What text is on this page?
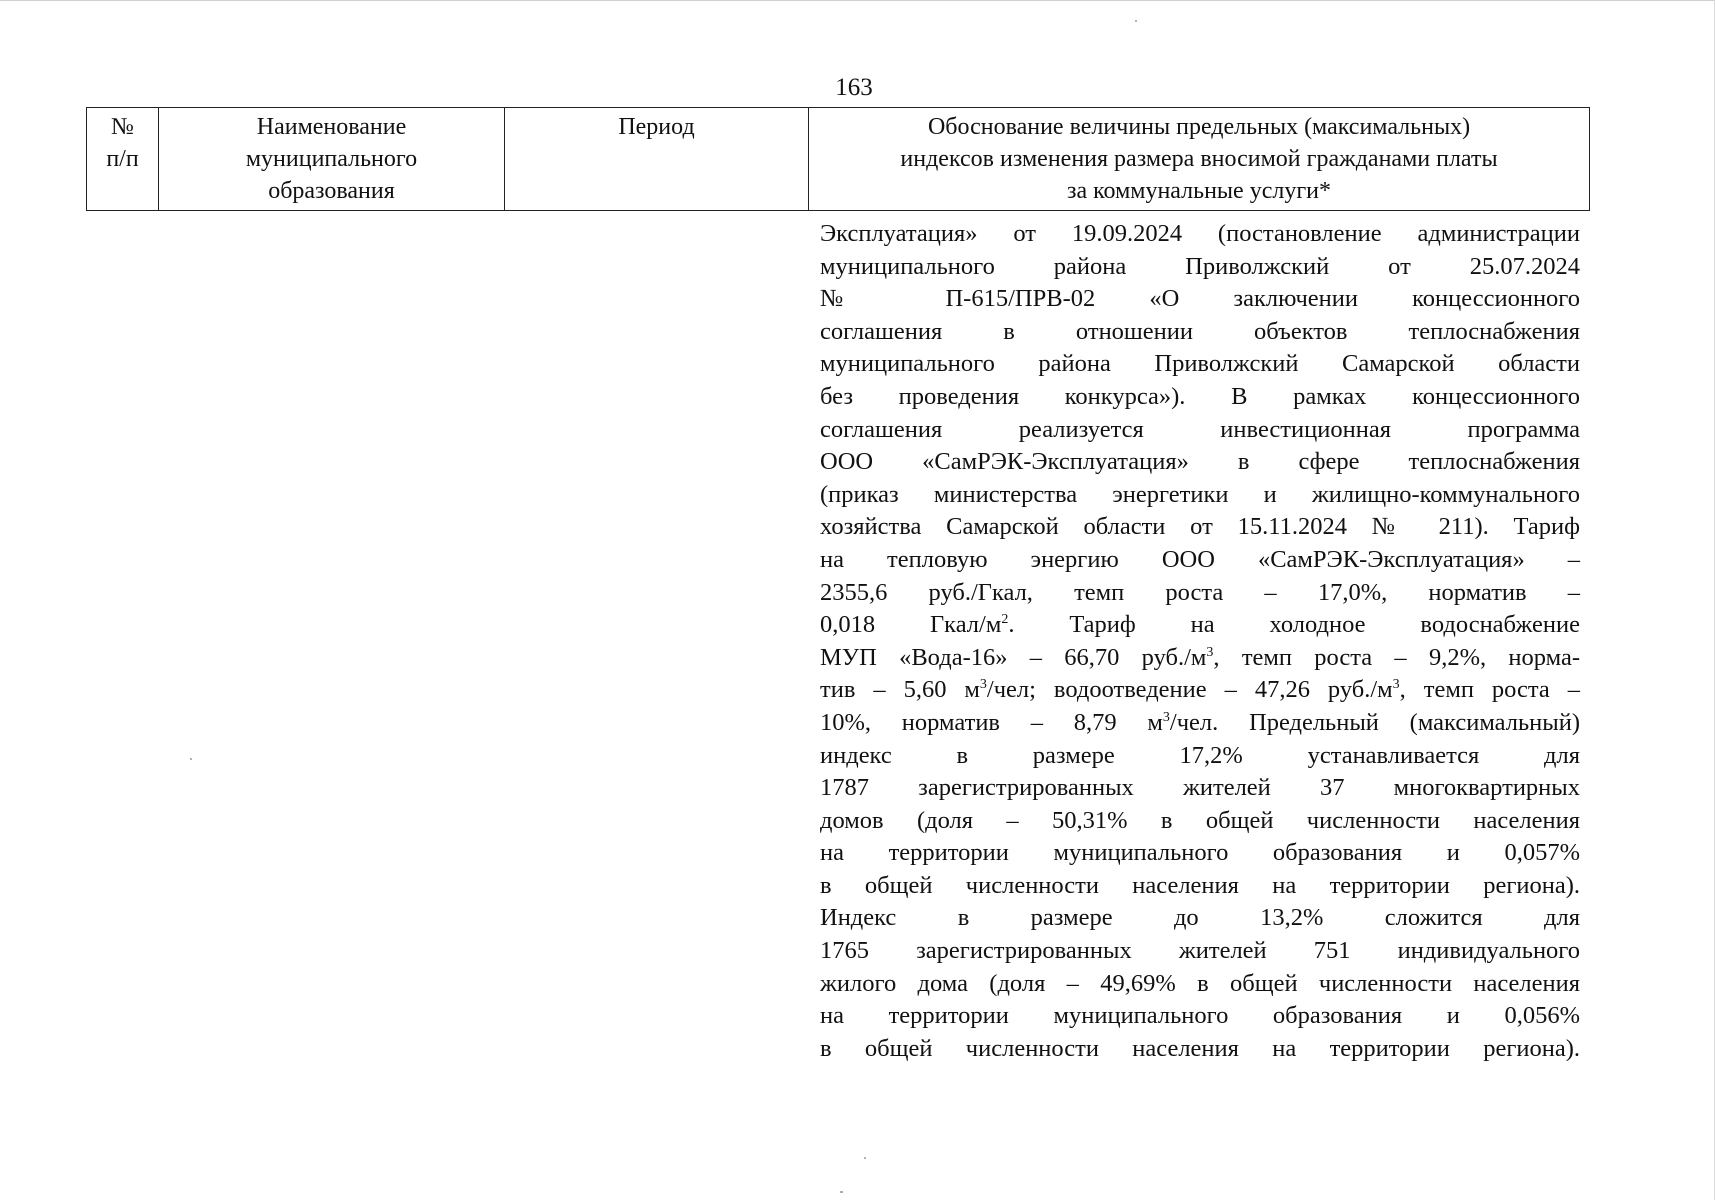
163
№
п/п
Наименование
муниципального
образования
Период	Обоснование величины предельных (максимальных)
индексов изменения размера вносимой гражданами платы
за коммунальные услуги*
Эксплуатация» от 19.09.2024 (постановление администрации
муниципального района Приволжский от 25.07.2024
№ П-615/ПРВ-02 «О заключении концессионного
соглашения в отношении объектов теплоснабжения
муниципального района Приволжский Самарской области
без проведения конкурса»). В рамках концессионного
соглашения реализуется инвестиционная программа
ООО «СамРЭК-Эксплуатация» в сфере теплоснабжения
(приказ министерства энергетики и жилищно-коммунального
хозяйства Самарской области от 15.11.2024 № 211). Тариф
на тепловую энергию ООО «СамРЭК-Эксплуатация» –
2355,6 руб./Гкал, темп роста – 17,0%, норматив –
0,018 Гкал/$м^2$. Тариф на холодное водоснабжение
МУП «Вода-16» – 66,70 $руб./м^3$, темп роста – 9,2%, норма-
тив – 5,60 $м^3$/чел; водоотведение – 47,26 $руб./м^3$, темп роста –
10%, норматив – 8,79 $м^3$/чел. Предельный (максимальный)
индекс в размере 17,2% устанавливается для
1787 зарегистрированных жителей 37 многоквартирных
домов (доля – 50,31% в общей численности населения
на территории муниципального образования и 0,057%
в общей численности населения на территории региона).
Индекс в размере до 13,2% сложится для
1765 зарегистрированных жителей 751 индивидуального
жилого дома (доля – 49,69% в общей численности населения
на территории муниципального образования и 0,056%
в общей численности населения на территории региона).
